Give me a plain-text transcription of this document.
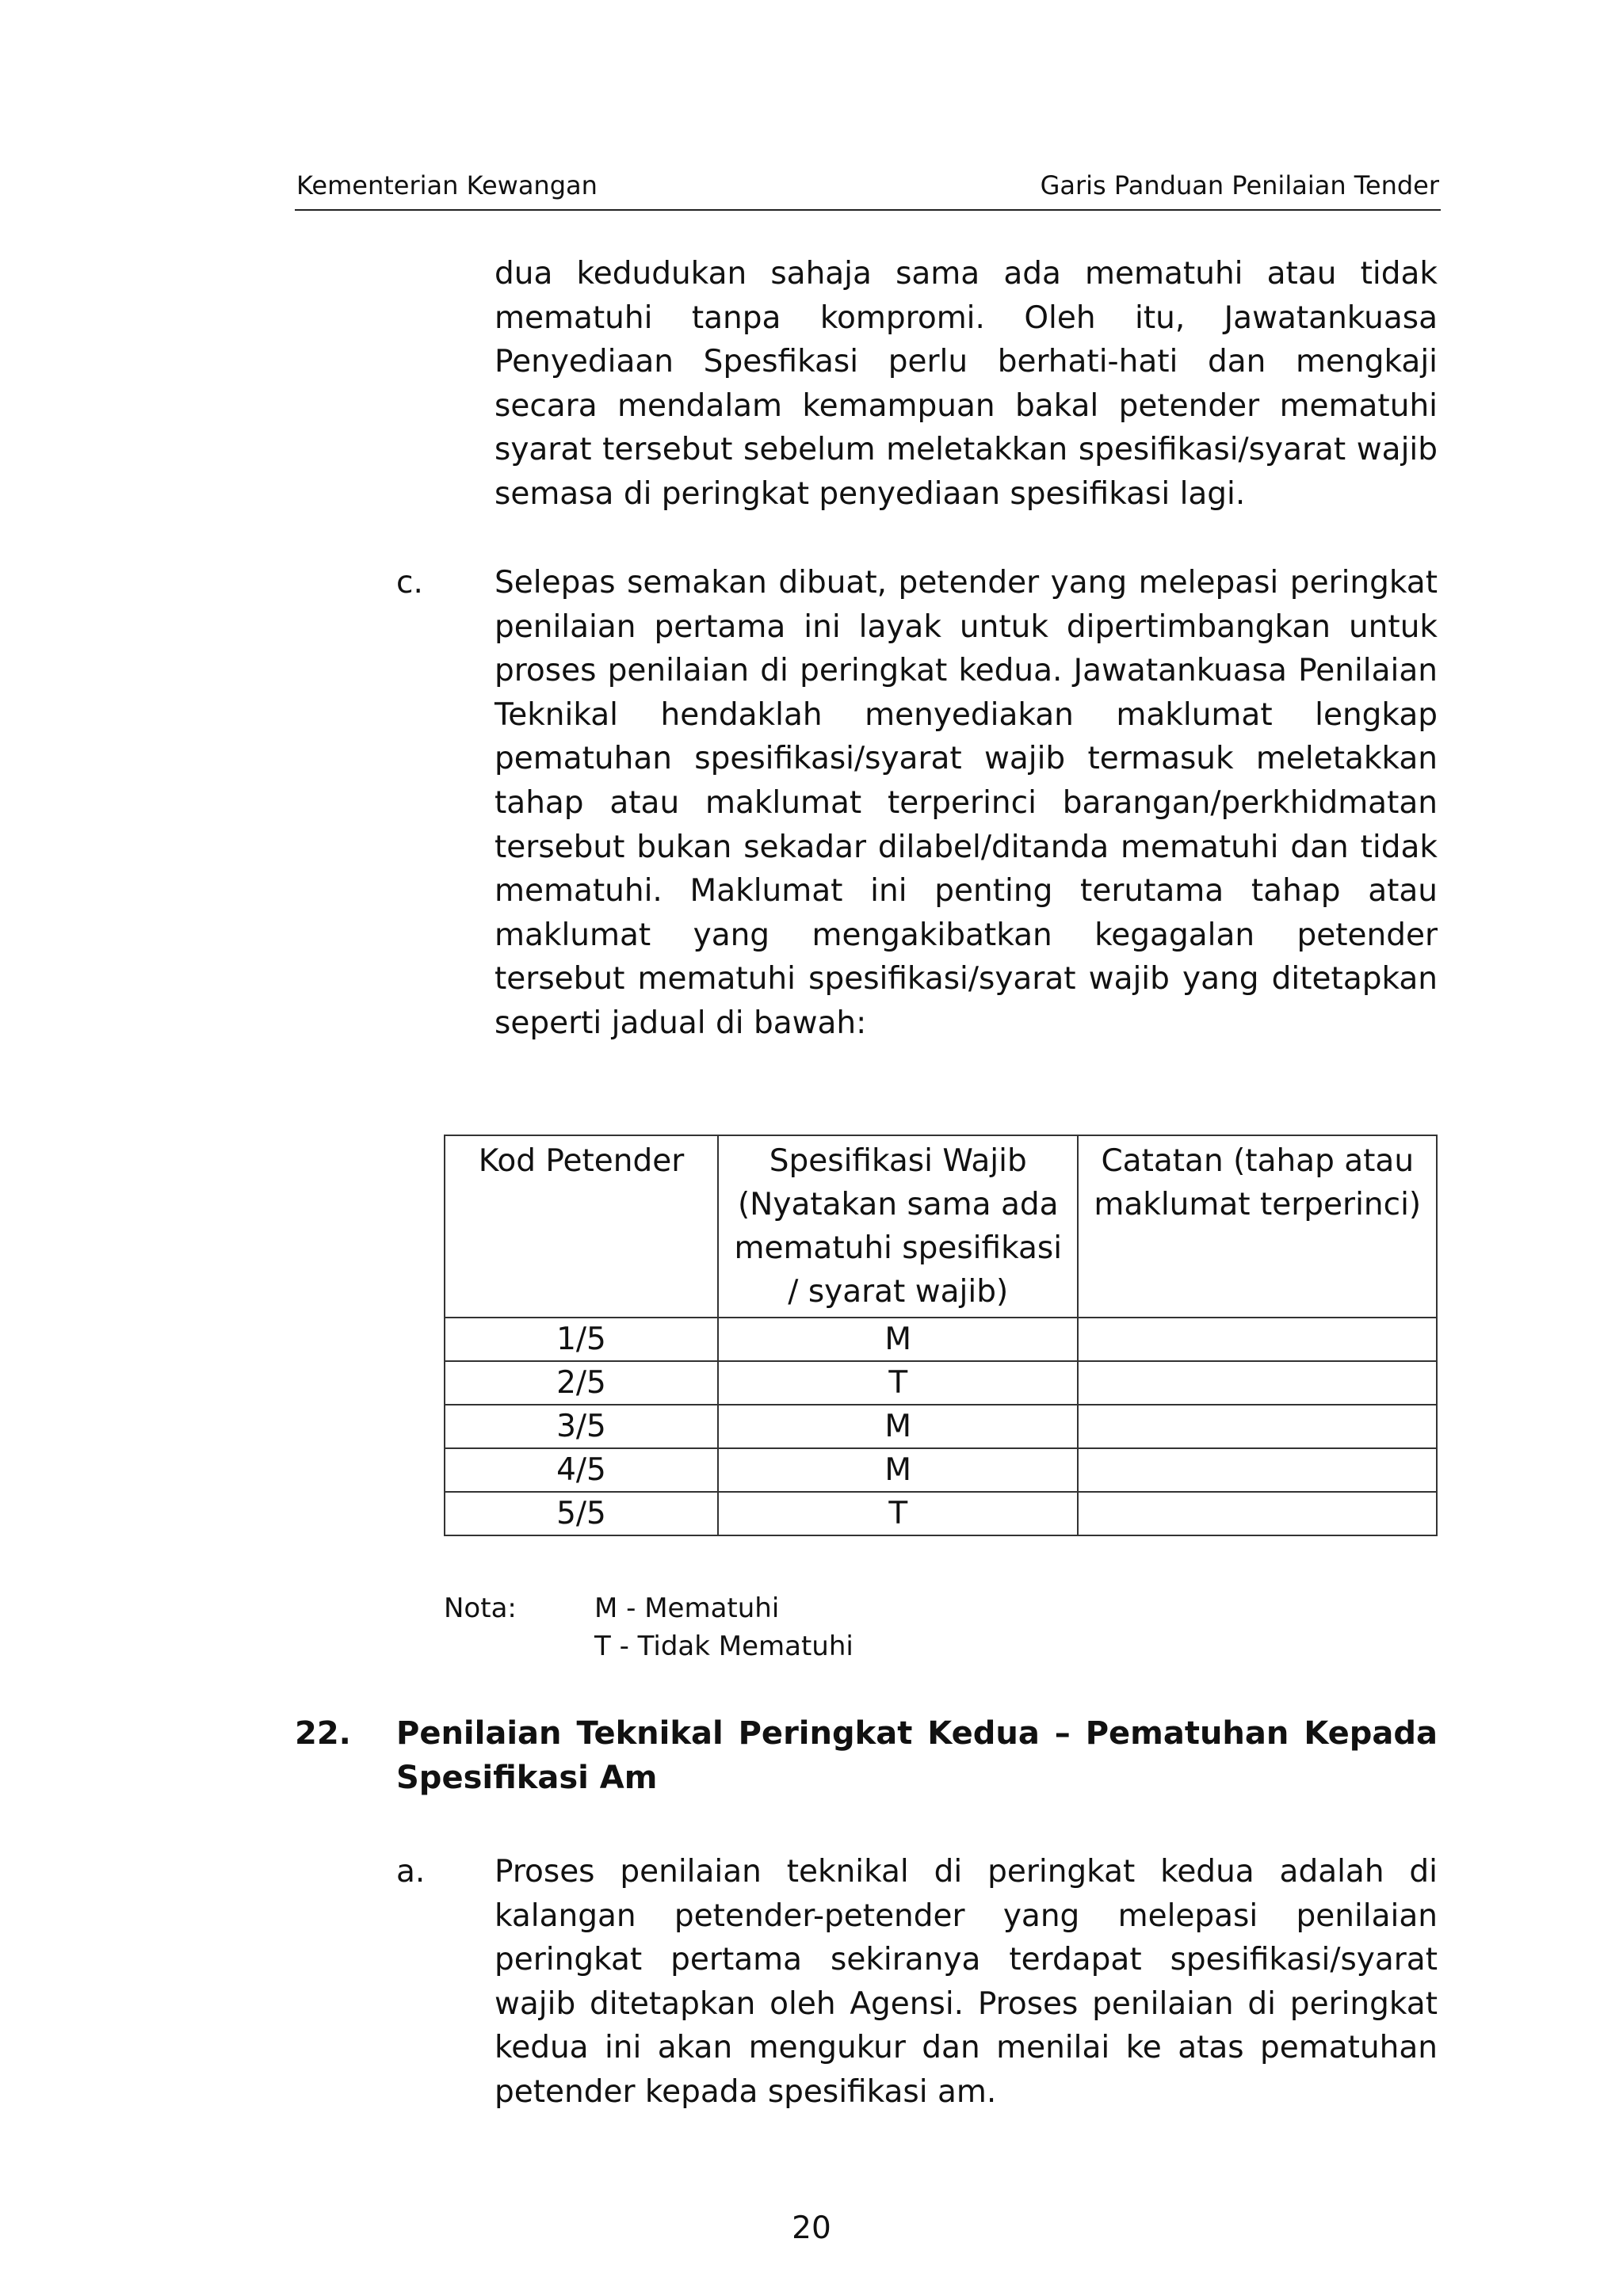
Kementerian Kewangan	Garis Panduan Penilaian Tender
dua kedudukan sahaja sama ada mematuhi atau tidak mematuhi tanpa kompromi. Oleh itu, Jawatankuasa Penyediaan Spesfikasi perlu berhati-hati dan mengkaji secara mendalam kemampuan bakal petender mematuhi syarat tersebut sebelum meletakkan spesifikasi/syarat wajib semasa di peringkat penyediaan spesifikasi lagi.
c. Selepas semakan dibuat, petender yang melepasi peringkat penilaian pertama ini layak untuk dipertimbangkan untuk proses penilaian di peringkat kedua. Jawatankuasa Penilaian Teknikal hendaklah menyediakan maklumat lengkap pematuhan spesifikasi/syarat wajib termasuk meletakkan tahap atau maklumat terperinci barangan/perkhidmatan tersebut bukan sekadar dilabel/ditanda mematuhi dan tidak mematuhi. Maklumat ini penting terutama tahap atau maklumat yang mengakibatkan kegagalan petender tersebut mematuhi spesifikasi/syarat wajib yang ditetapkan seperti jadual di bawah:
Kod Petender	Spesifikasi Wajib (Nyatakan sama ada mematuhi spesifikasi / syarat wajib)	Catatan (tahap atau maklumat terperinci)
1/5	M	
2/5	T	
3/5	M	
4/5	M	
5/5	T	
Nota:	M - Mematuhi
T - Tidak Mematuhi
22. Penilaian Teknikal Peringkat Kedua – Pematuhan Kepada Spesifikasi Am
a. Proses penilaian teknikal di peringkat kedua adalah di kalangan petender-petender yang melepasi penilaian peringkat pertama sekiranya terdapat spesifikasi/syarat wajib ditetapkan oleh Agensi. Proses penilaian di peringkat kedua ini akan mengukur dan menilai ke atas pematuhan petender kepada spesifikasi am.
20
